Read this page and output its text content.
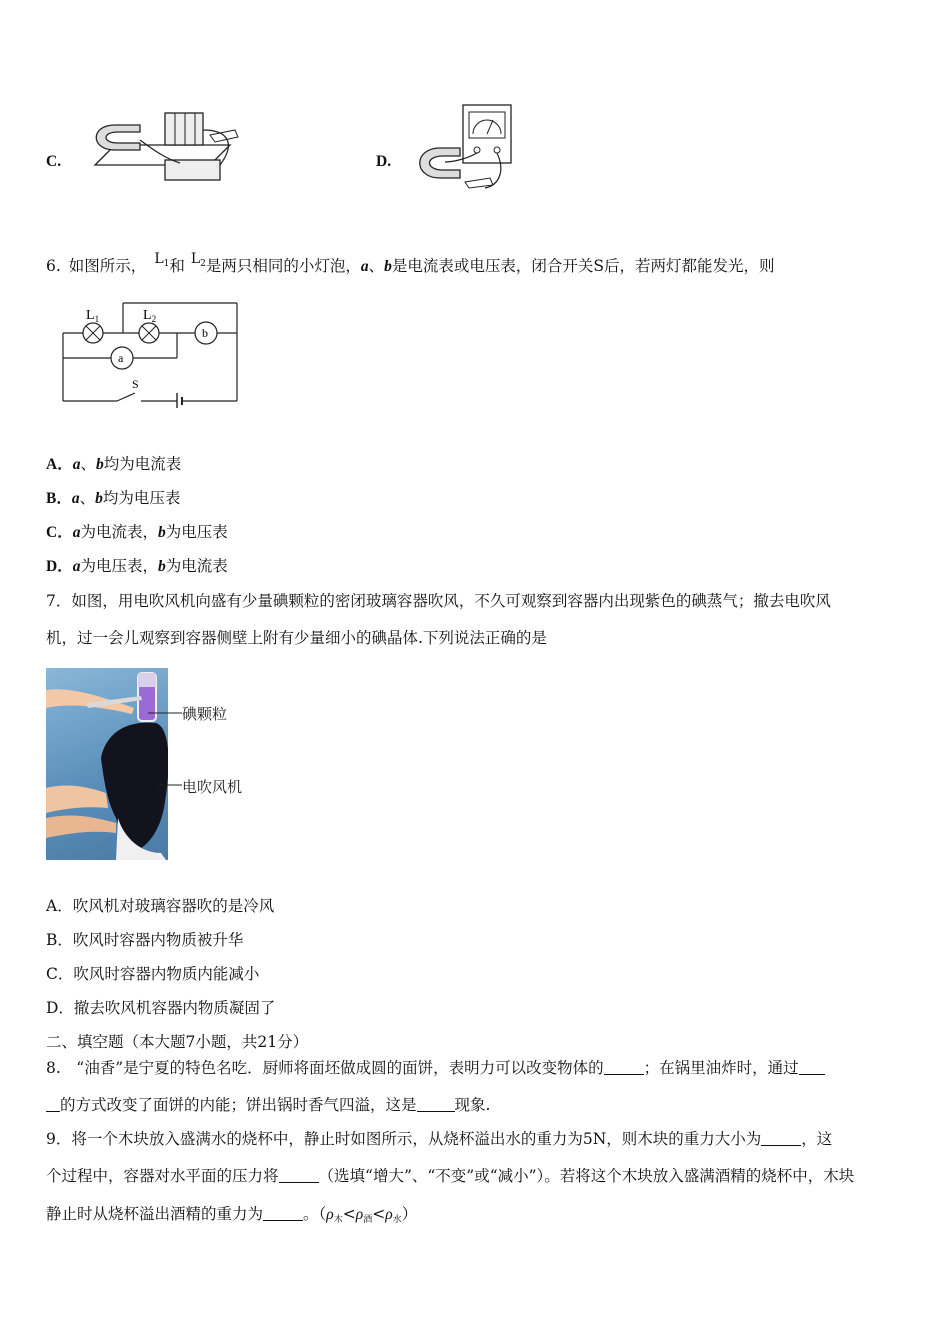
C.	D.
6. 如图所示， $L_1$和 $L_2$是两只相同的小灯泡，a、b是电流表或电压表，闭合开关S后，若两灯都能发光，则
$L_1$	$L_2$
a
b
S
A．a、b均为电流表
B．a、b均为电压表
C．a为电流表，b为电压表
D．a为电压表，b为电流表
7．如图，用电吹风机向盛有少量碘颗粒的密闭玻璃容器吹风，不久可观察到容器内出现紫色的碘蒸气；撤去电吹风
机，过一会儿观察到容器侧壁上附有少量细小的碘晶体.下列说法正确的是
碘颗粒
电吹风机
A．吹风机对玻璃容器吹的是冷风
B．吹风时容器内物质被升华
C．吹风时容器内物质内能减小
D．撤去吹风机容器内物质凝固了
二、填空题（本大题7小题，共21分）
8.　“油香”是宁夏的特色名吃．厨师将面坯做成圆的面饼，表明力可以改变物体的	；在锅里油炸时，通过
的方式改变了面饼的内能；饼出锅时香气四溢，这是 现象.
9．将一个木块放入盛满水的烧杯中，静止时如图所示，从烧杯溢出水的重力为5N，则木块的重力大小为	，这
个过程中，容器对水平面的压力将	（选填“增大”、“不变”或“减小”）。若将这个木块放入盛满酒精的烧杯中，木块
静止时从烧杯溢出酒精的重力为	。$(\rho_木<\rho_酒<\rho_水)$
